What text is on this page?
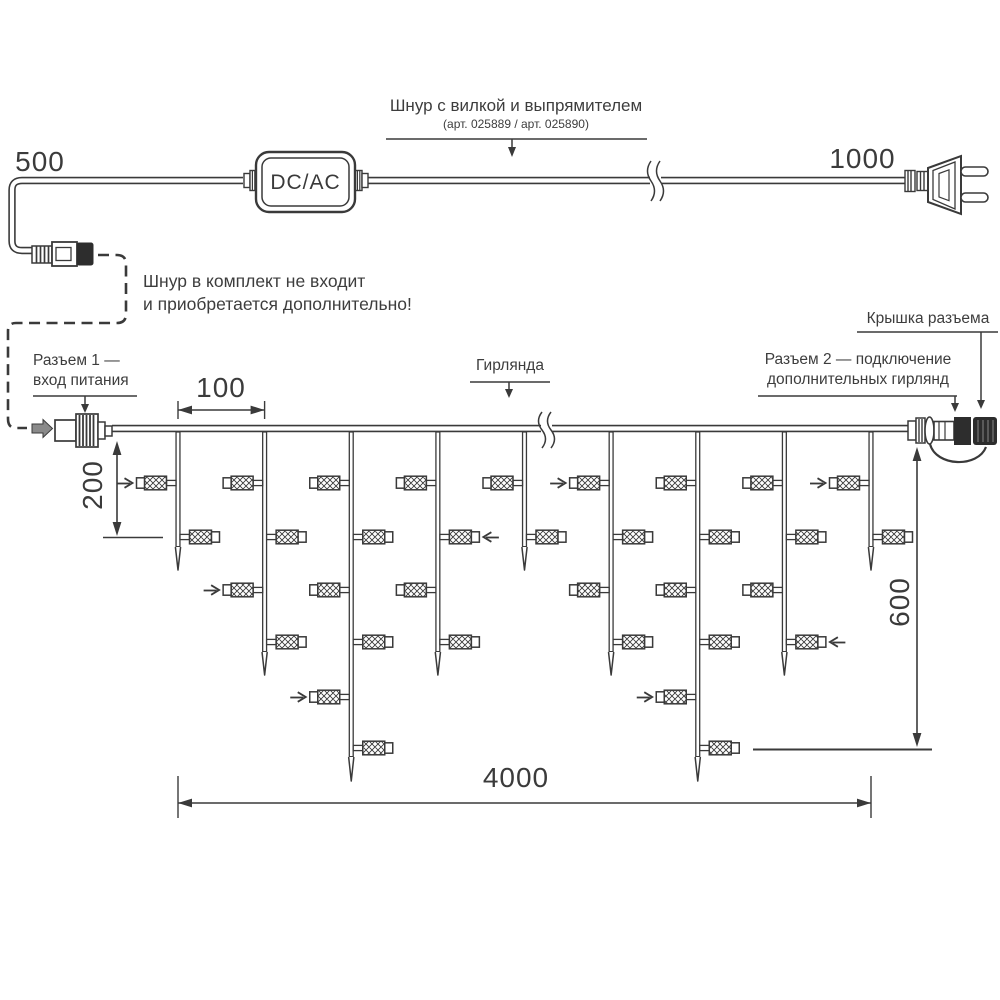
500	1000
Шнур с вилкой и выпрямителем
(арт. 025889 / арт. 025890)
DC/AC
Шнур в комплект не входит
и приобретается дополнительно!
Разъем 1 —
вход питания
Гирлянда	Разъем 2 — подключение
дополнительных гирлянд
Крышка разъема
100
200
600
4000
